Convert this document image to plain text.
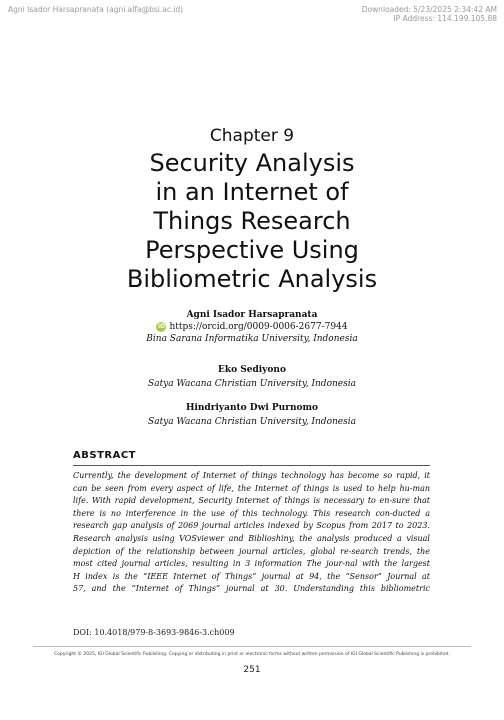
Agni Isador Harsapranata (agni.alfa@bsi.ac.id)	Downloaded: 5/23/2025 2:34:42 AM
IP Address: 114.199.105.88
Chapter 9
Security Analysis
in an Internet of
Things Research
Perspective Using
Bibliometric Analysis
Agni Isador Harsapranata
iD https://orcid.org/0009-0006-2677-7944
Bina Sarana Informatika University, Indonesia
Eko Sediyono
Satya Wacana Christian University, Indonesia
Hindriyanto Dwi Purnomo
Satya Wacana Christian University, Indonesia
ABSTRACT
Currently, the development of Internet of things technology has become so rapid, it
can be seen from every aspect of life, the Internet of things is used to help hu-man
life. With rapid development, Security Internet of things is necessary to en-sure that
there is no interference in the use of this technology. This research con-ducted a
research gap analysis of 2069 journal articles indexed by Scopus from 2017 to 2023.
Research analysis using VOSviewer and Biblioshiny, the analysis produced a visual
depiction of the relationship between journal articles, global re-search trends, the
most cited journal articles, resulting in 3 information The jour-nal with the largest
H index is the “IEEE Internet of Things” journal at 94, the “Sensor” Journal at
57, and the “Internet of Things” journal at 30. Understanding this bibliometric
DOI: 10.4018/979-8-3693-9846-3.ch009
Copyright © 2025, IGI Global Scientific Publishing. Copying or distributing in print or electronic forms without written permission of IGI Global Scientific Publishing is prohibited.
251
